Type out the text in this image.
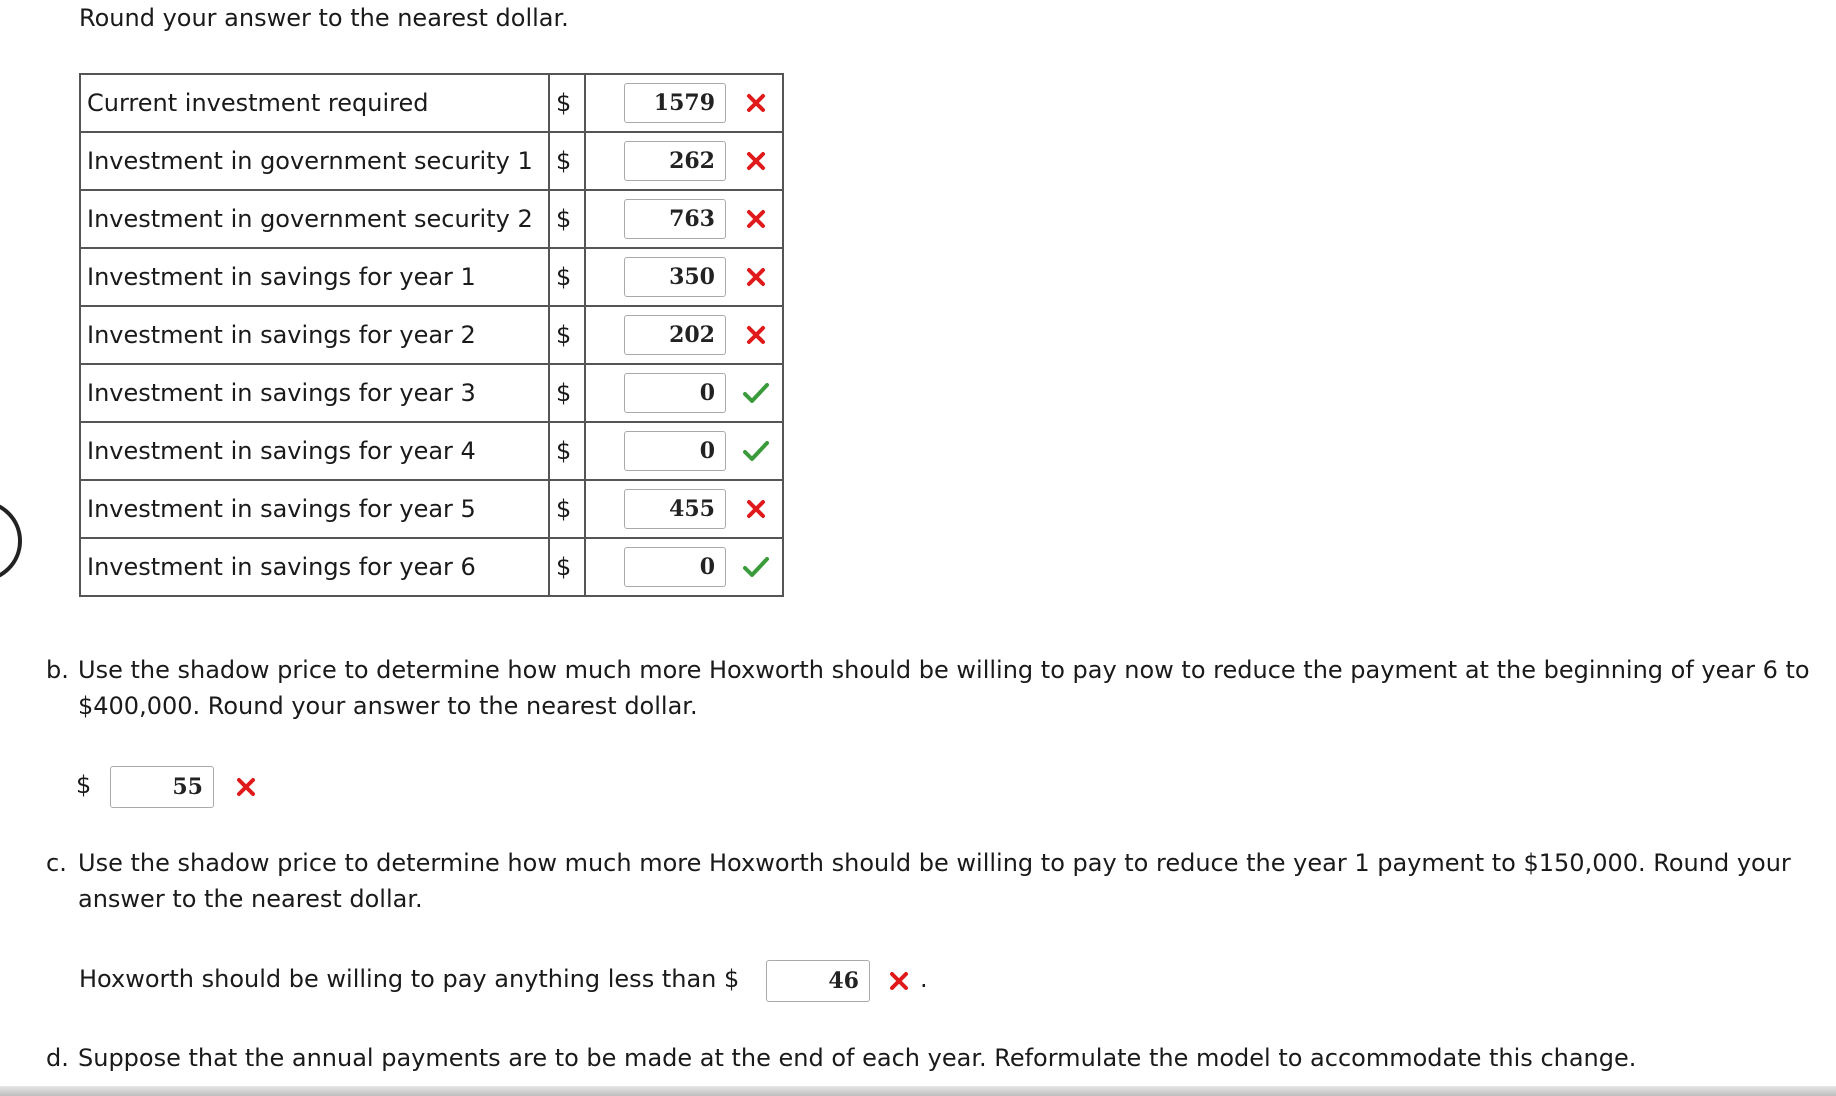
Round your answer to the nearest dollar.
Current investment required	$	1579

Investment in government security 1	$	262

Investment in government security 2	$	763

Investment in savings for year 1	$	350

Investment in savings for year 2	$	202

Investment in savings for year 3	$	0

Investment in savings for year 4	$	0

Investment in savings for year 5	$	455

Investment in savings for year 6	$	0
b. Use the shadow price to determine how much more Hoxworth should be willing to pay now to reduce the payment at the beginning of year 6 to $400,000. Round your answer to the nearest dollar.
$	55
c. Use the shadow price to determine how much more Hoxworth should be willing to pay to reduce the year 1 payment to $150,000. Round your answer to the nearest dollar.
Hoxworth should be willing to pay anything less than $	46	.
d. Suppose that the annual payments are to be made at the end of each year. Reformulate the model to accommodate this change.
